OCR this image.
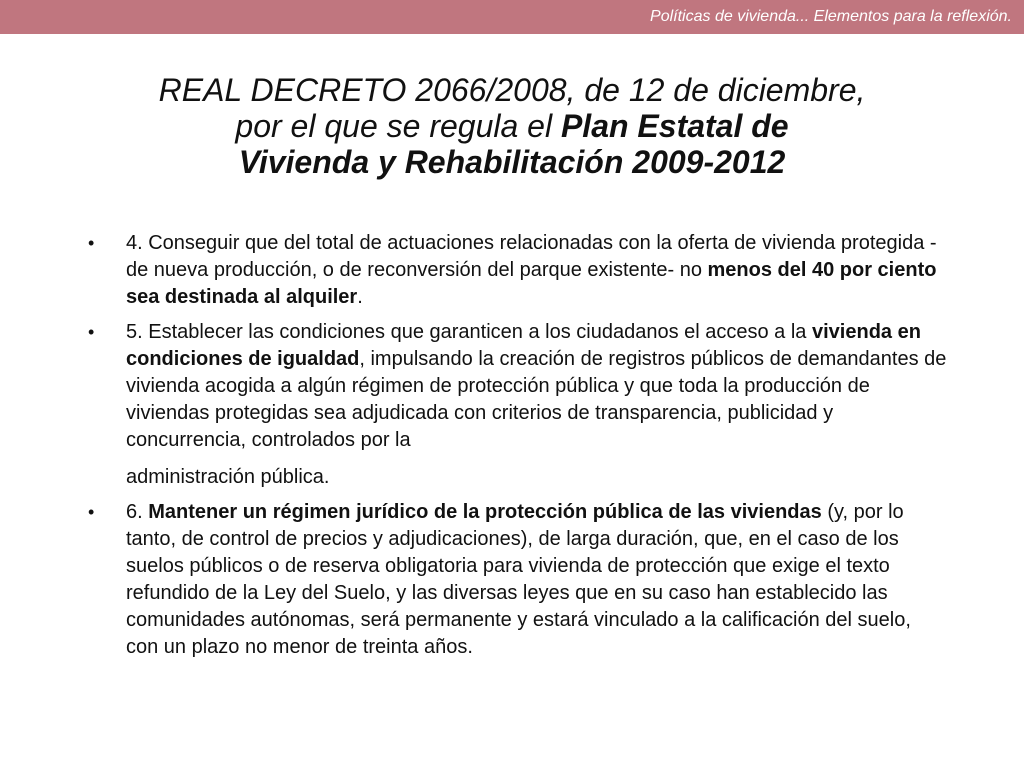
Políticas de vivienda... Elementos para la reflexión.
REAL DECRETO 2066/2008, de 12 de diciembre,
por el que se regula el Plan Estatal de
Vivienda y Rehabilitación 2009-2012
• 4. Conseguir que del total de actuaciones relacionadas con la oferta de vivienda protegida -de nueva producción, o de reconversión del parque existente- no menos del 40 por ciento sea destinada al alquiler.
• 5. Establecer las condiciones que garanticen a los ciudadanos el acceso a la vivienda en condiciones de igualdad, impulsando la creación de registros públicos de demandantes de vivienda acogida a algún régimen de protección pública y que toda la producción de viviendas protegidas sea adjudicada con criterios de transparencia, publicidad y concurrencia, controlados por la
administración pública.
• 6. Mantener un régimen jurídico de la protección pública de las viviendas (y, por lo tanto, de control de precios y adjudicaciones), de larga duración, que, en el caso de los suelos públicos o de reserva obligatoria para vivienda de protección que exige el texto refundido de la Ley del Suelo, y las diversas leyes que en su caso han establecido las comunidades autónomas, será permanente y estará vinculado a la calificación del suelo, con un plazo no menor de treinta años.
